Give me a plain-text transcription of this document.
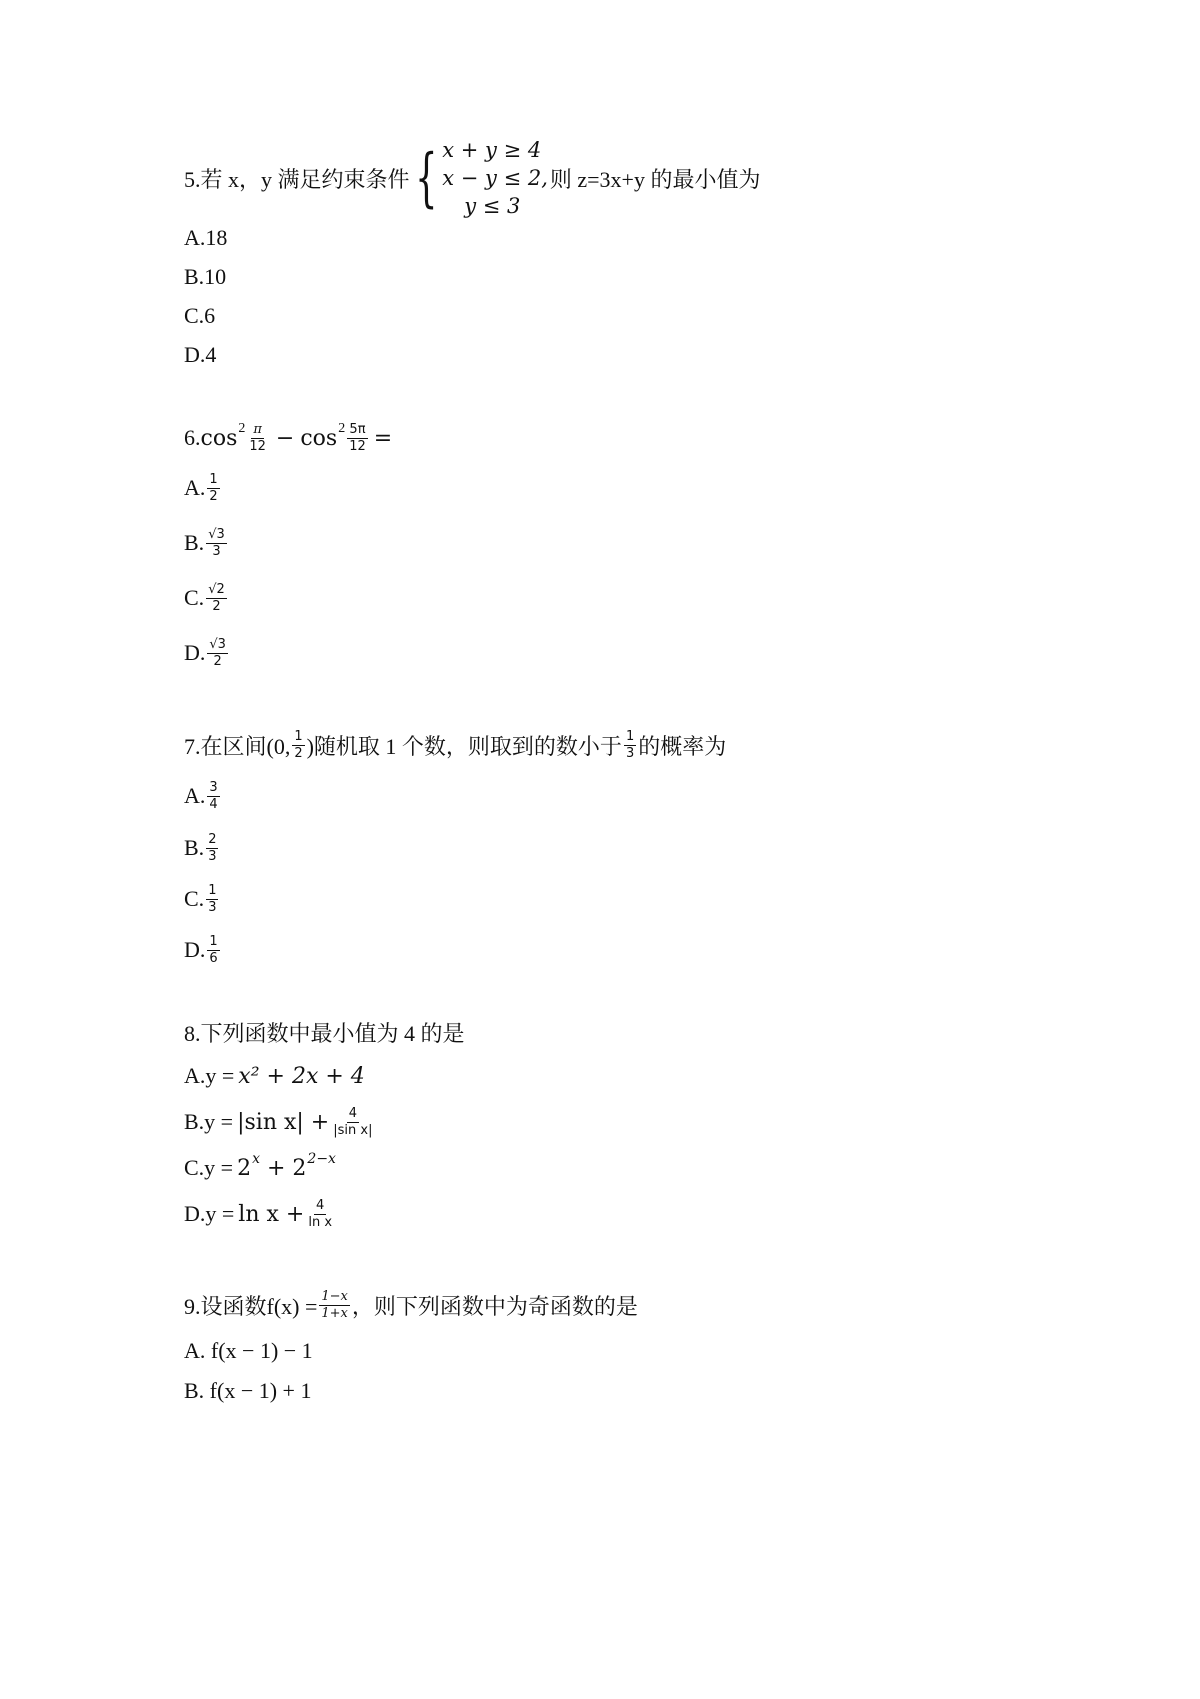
5.若 x，y 满足约束条件 { x + y ≥ 4
x − y ≤ 2,
y ≤ 3
则 z=3x+y 的最小值为
A.18
B.10
C.6
D.4
6. $\cos 2 \frac{\pi}{12} - \cos 2 \frac{5\pi}{12}$ =
A. $\frac{1}{2}$
B. $\frac{√3}{3}$
C. $\frac{√2}{2}$
D. $\frac{√3}{2}$
7.在区间(0, $\frac{1}{2}$ )随机取 1 个数，则取到的数小于 $\frac{1}{3}$ 的概率为
A. $\frac{3}{4}$
B. $\frac{2}{3}$
C. $\frac{1}{3}$
D. $\frac{1}{6}$
8.下列函数中最小值为 4 的是
A.y = x² + 2x + 4
B.y = |sin $x| + \frac{4}{\text{|sin x|}}$
C.y = 2 x + 2 2−x
$D.y = \ln x + \frac{4}{\text{ln x}}$
9.设函数$f(x) = \frac{1-x}{1+x}$ ，则下列函数中为奇函数的是
A. f(x − 1) − 1
B. f(x − 1) + 1
